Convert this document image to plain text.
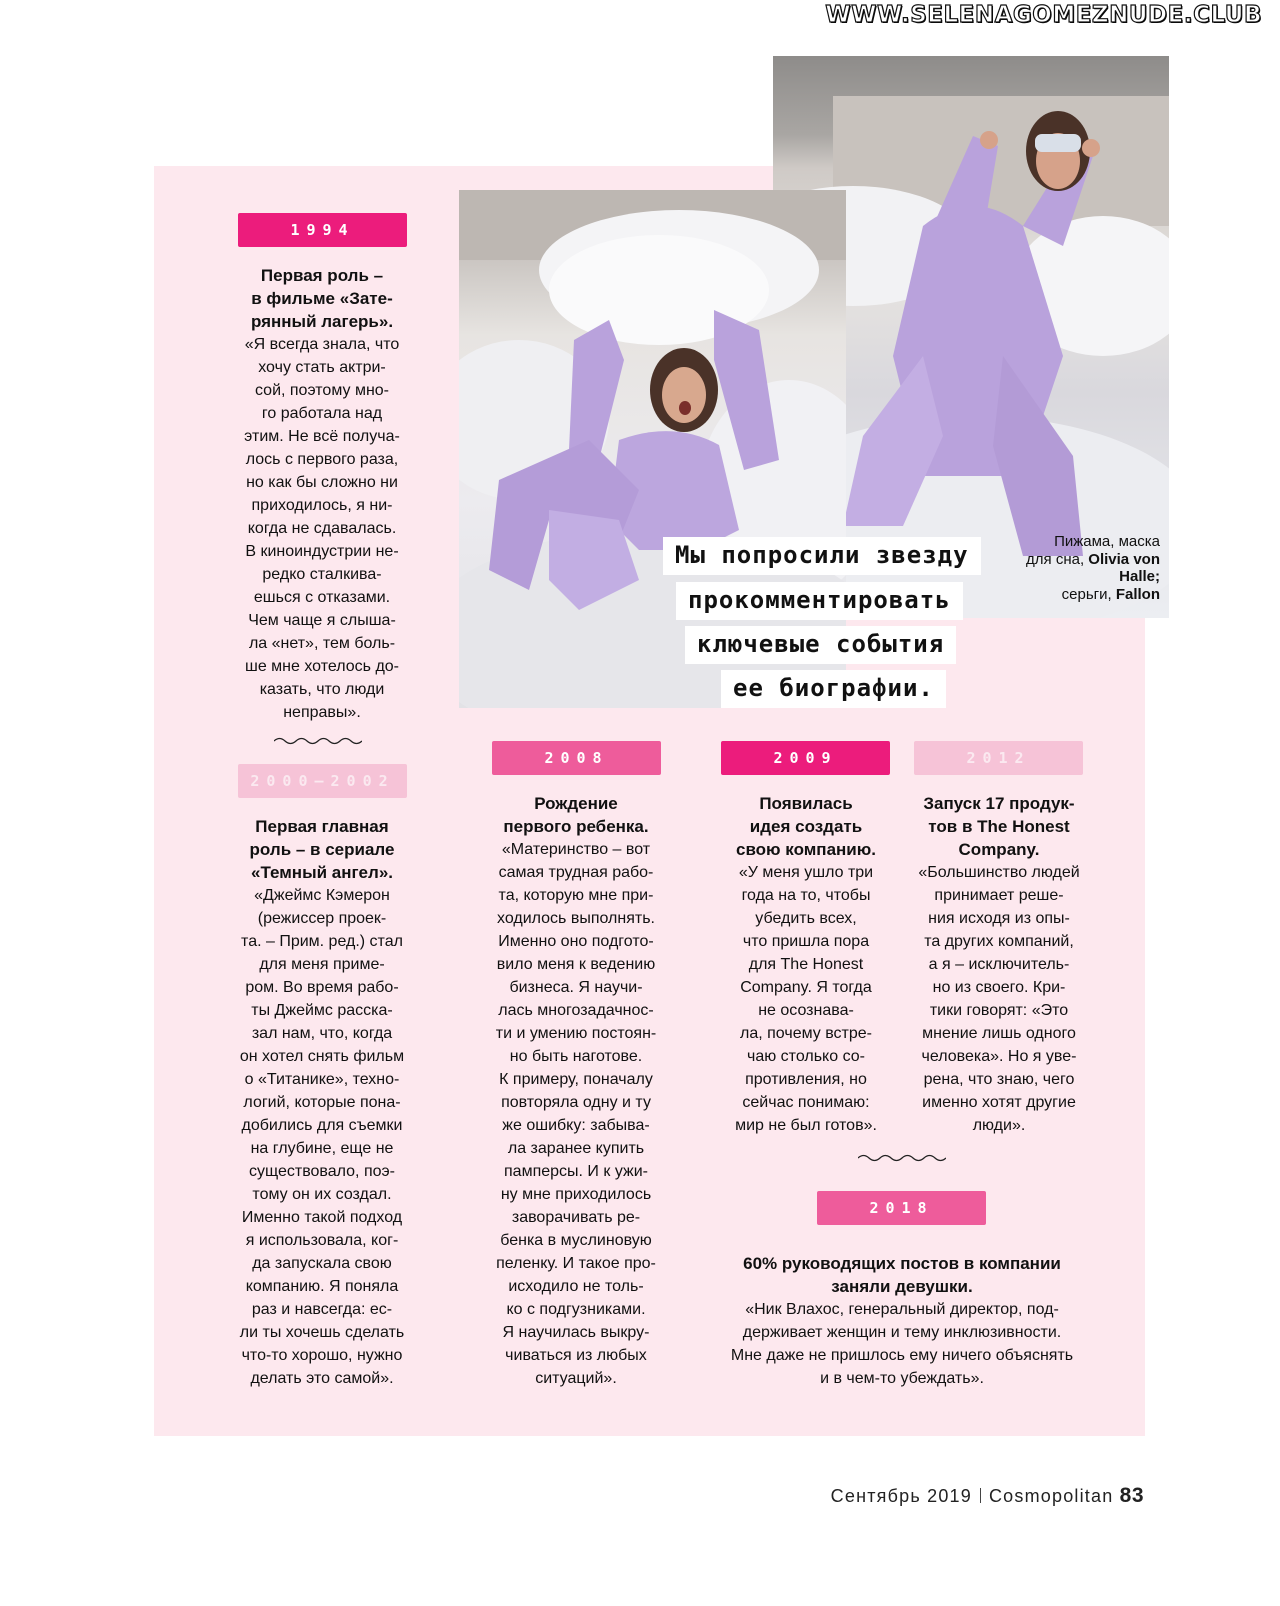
WWW.SELENAGOMEZNUDE.CLUB
Пижама, маска
для сна, Olivia von Halle;
серьги, Fallon
Мы попросили звезду
прокомментировать
ключевые события
ее биографии.
1994
Первая роль –
в фильме «Зате-
рянный лагерь».
«Я всегда знала, что
хочу стать актри-
сой, поэтому мно-
го работала над
этим. Не всё получа-
лось с первого раза,
но как бы сложно ни
приходилось, я ни-
когда не сдавалась.
В киноиндустрии не-
редко сталкива-
ешься с отказами.
Чем чаще я слыша-
ла «нет», тем боль-
ше мне хотелось до-
казать, что люди
неправы».
2000–2002
Первая главная
роль – в сериале
«Темный ангел».
«Джеймс Кэмерон
(режиссер проек-
та. – Прим. ред.) стал
для меня приме-
ром. Во время рабо-
ты Джеймс расска-
зал нам, что, когда
он хотел снять фильм
о «Титанике», техно-
логий, которые пона-
добились для съемки
на глубине, еще не
существовало, поэ-
тому он их создал.
Именно такой подход
я использовала, ког-
да запускала свою
компанию. Я поняла
раз и навсегда: ес-
ли ты хочешь сделать
что-то хорошо, нужно
делать это самой».
2008
Рождение
первого ребенка.
«Материнство – вот
самая трудная рабо-
та, которую мне при-
ходилось выполнять.
Именно оно подгото-
вило меня к ведению
бизнеса. Я научи-
лась многозадачнос-
ти и умению постоян-
но быть наготове.
К примеру, поначалу
повторяла одну и ту
же ошибку: забыва-
ла заранее купить
памперсы. И к ужи-
ну мне приходилось
заворачивать ре-
бенка в муслиновую
пеленку. И такое про-
исходило не толь-
ко с подгузниками.
Я научилась выкру-
чиваться из любых
ситуаций».
2009
Появилась
идея создать
свою компанию.
«У меня ушло три
года на то, чтобы
убедить всех,
что пришла пора
для The Honest
Company. Я тогда
не осознава-
ла, почему встре-
чаю столько со-
противления, но
сейчас понимаю:
мир не был готов».
2012
Запуск 17 продук-
тов в The Honest
Company.
«Большинство людей
принимает реше-
ния исходя из опы-
та других компаний,
а я – исключитель-
но из своего. Кри-
тики говорят: «Это
мнение лишь одного
человека». Но я уве-
рена, что знаю, чего
именно хотят другие
люди».
2018
60% руководящих постов в компании
заняли девушки.
«Ник Влахос, генеральный директор, под-
держивает женщин и тему инклюзивности.
Мне даже не пришлось ему ничего объяснять
и в чем-то убеждать».
Сентябрь 2019 Cosmopolitan 83
